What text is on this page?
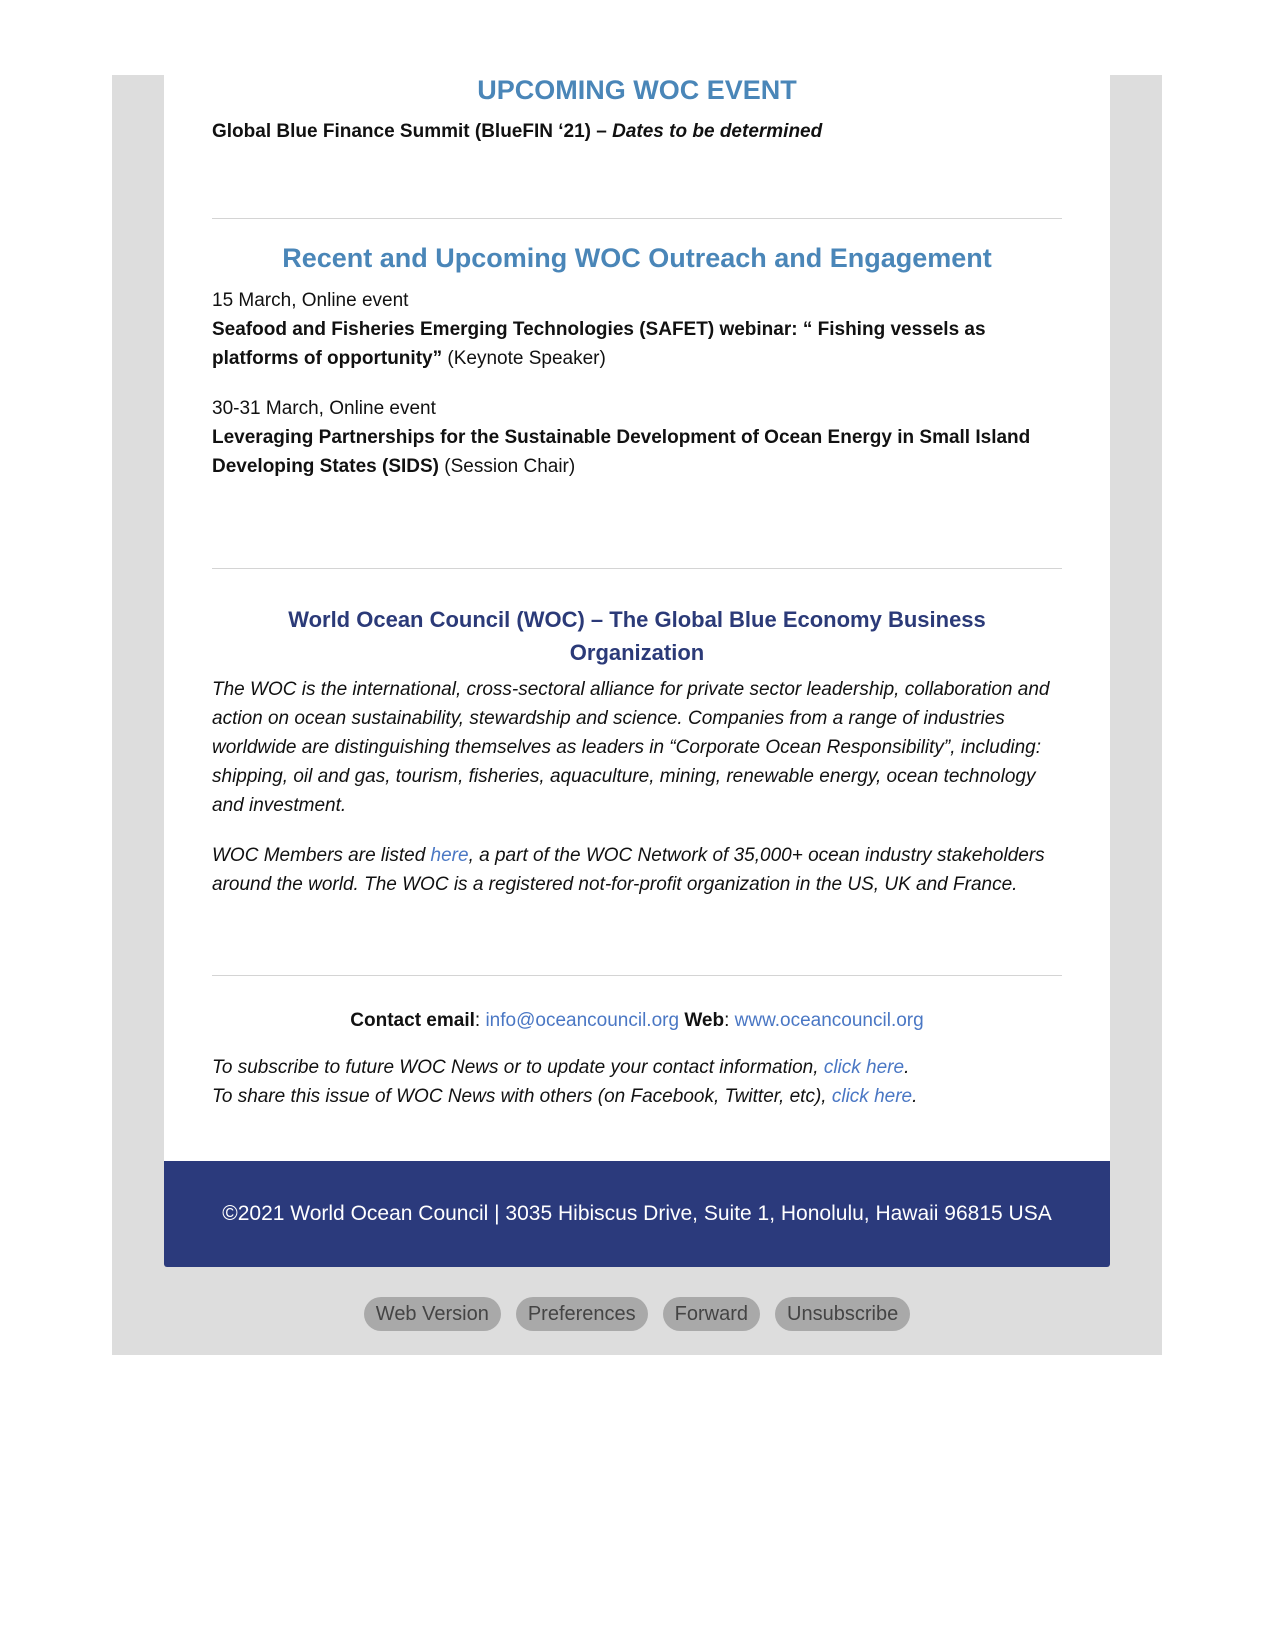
UPCOMING WOC EVENT
Global Blue Finance Summit (BlueFIN ‘21) – Dates to be determined
Recent and Upcoming WOC Outreach and Engagement
15 March, Online event
Seafood and Fisheries Emerging Technologies (SAFET) webinar: “ Fishing vessels as platforms of opportunity” (Keynote Speaker)
30-31 March, Online event
Leveraging Partnerships for the Sustainable Development of Ocean Energy in Small Island Developing States (SIDS) (Session Chair)
World Ocean Council (WOC) – The Global Blue Economy Business Organization
The WOC is the international, cross-sectoral alliance for private sector leadership, collaboration and action on ocean sustainability, stewardship and science. Companies from a range of industries worldwide are distinguishing themselves as leaders in “Corporate Ocean Responsibility”, including: shipping, oil and gas, tourism, fisheries, aquaculture, mining, renewable energy, ocean technology and investment.
WOC Members are listed here, a part of the WOC Network of 35,000+ ocean industry stakeholders around the world. The WOC is a registered not-for-profit organization in the US, UK and France.
Contact email: info@oceancouncil.org Web: www.oceancouncil.org
To subscribe to future WOC News or to update your contact information, click here.
To share this issue of WOC News with others (on Facebook, Twitter, etc), click here.
©2021 World Ocean Council | 3035 Hibiscus Drive, Suite 1, Honolulu, Hawaii 96815 USA
Web Version	Preferences	Forward	Unsubscribe
